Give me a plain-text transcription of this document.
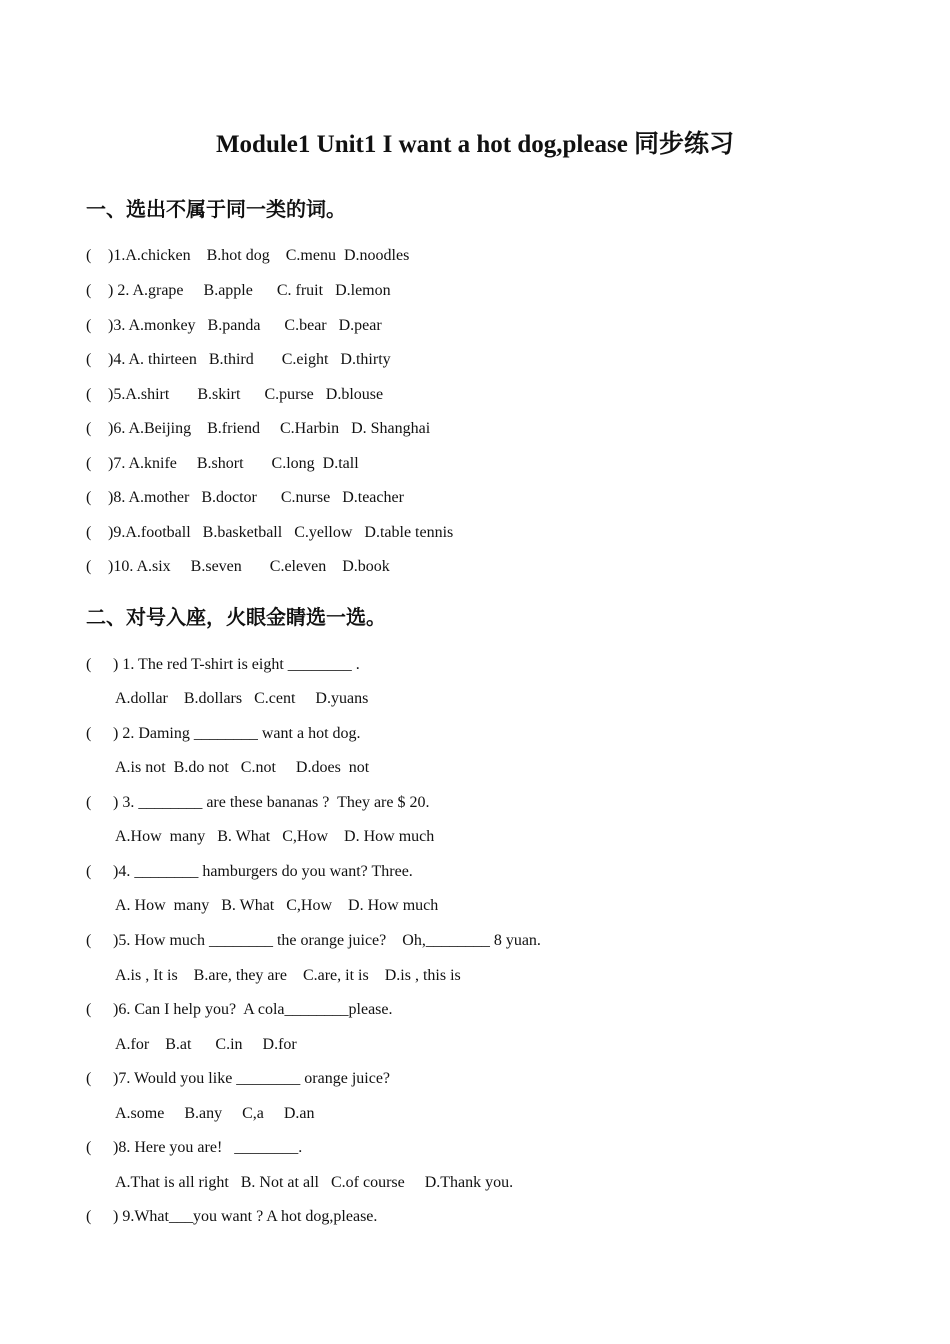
Module1 Unit1 I want a hot dog,please 同步练习
一、选出不属于同一类的词。
( )1.A.chicken    B.hot dog    C.menu  D.noodles
( ) 2. A.grape     B.apple      C. fruit   D.lemon
( )3. A.monkey   B.panda      C.bear   D.pear
( )4. A. thirteen   B.third       C.eight   D.thirty
( )5.A.shirt       B.skirt      C.purse   D.blouse
( )6. A.Beijing    B.friend     C.Harbin   D. Shanghai
( )7. A.knife     B.short       C.long  D.tall
( )8. A.mother   B.doctor      C.nurse   D.teacher
( )9.A.football   B.basketball   C.yellow   D.table tennis
( )10. A.six     B.seven       C.eleven    D.book
二、对号入座，火眼金睛选一选。
( ) 1. The red T-shirt is eight ________ .
A.dollar    B.dollars   C.cent     D.yuans
( ) 2. Daming ________ want a hot dog.
A.is not  B.do not   C.not     D.does  not
( ) 3. ________ are these bananas ?  They are $ 20.
A.How  many   B. What   C,How    D. How much
( )4. ________ hamburgers do you want? Three.
A. How  many   B. What   C,How    D. How much
( )5. How much ________ the orange juice?    Oh,________ 8 yuan.
A.is , It is    B.are, they are    C.are, it is    D.is , this is
( )6. Can I help you?  A cola________please.
A.for    B.at      C.in     D.for
( )7. Would you like ________ orange juice?
A.some     B.any     C,a     D.an
( )8. Here you are!   ________.
A.That is all right   B. Not at all   C.of course     D.Thank you.
( ) 9.What___you want ? A hot dog,please.
